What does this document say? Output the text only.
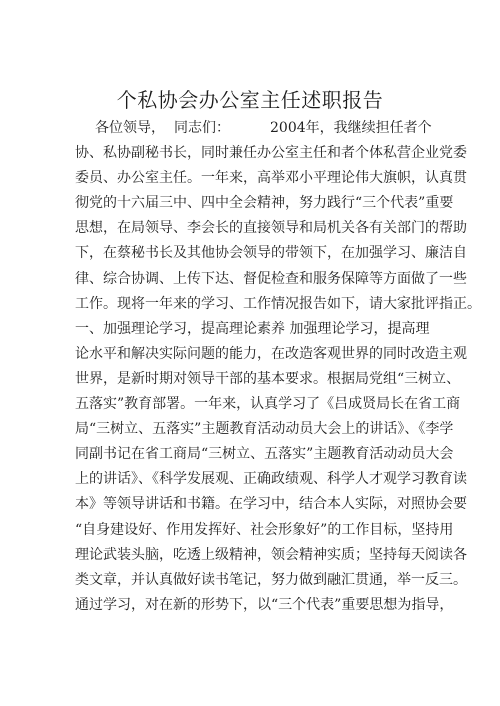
个私协会办公室主任述职报告
各位领导， 同志们：	2004年，我继续担任者个
协、私协副秘书长，同时兼任办公室主任和者个体私营企业党委
委员、办公室主任。一年来，高举邓小平理论伟大旗帜，认真贯
彻党的十六届三中、四中全会精神，努力践行“三个代表”重要
思想，在局领导、李会长的直接领导和局机关各有关部门的帮助
下，在蔡秘书长及其他协会领导的带领下，在加强学习、廉洁自
律、综合协调、上传下达、督促检查和服务保障等方面做了一些
工作。现将一年来的学习、工作情况报告如下，请大家批评指正。
一、加强理论学习，提高理论素养 加强理论学习，提高理
论水平和解决实际问题的能力，在改造客观世界的同时改造主观
世界，是新时期对领导干部的基本要求。根据局党组“三树立、
五落实”教育部署。一年来，认真学习了《吕成贤局长在省工商
局“三树立、五落实”主题教育活动动员大会上的讲话》、《李学
同副书记在省工商局“三树立、五落实”主题教育活动动员大会
上的讲话》、《科学发展观、正确政绩观、科学人才观学习教育读
本》等领导讲话和书籍。在学习中，结合本人实际，对照协会要
“自身建设好、作用发挥好、社会形象好”的工作目标，坚持用
理论武装头脑，吃透上级精神，领会精神实质；坚持每天阅读各
类文章，并认真做好读书笔记，努力做到融汇贯通，举一反三。
通过学习，对在新的形势下，以“三个代表”重要思想为指导，
